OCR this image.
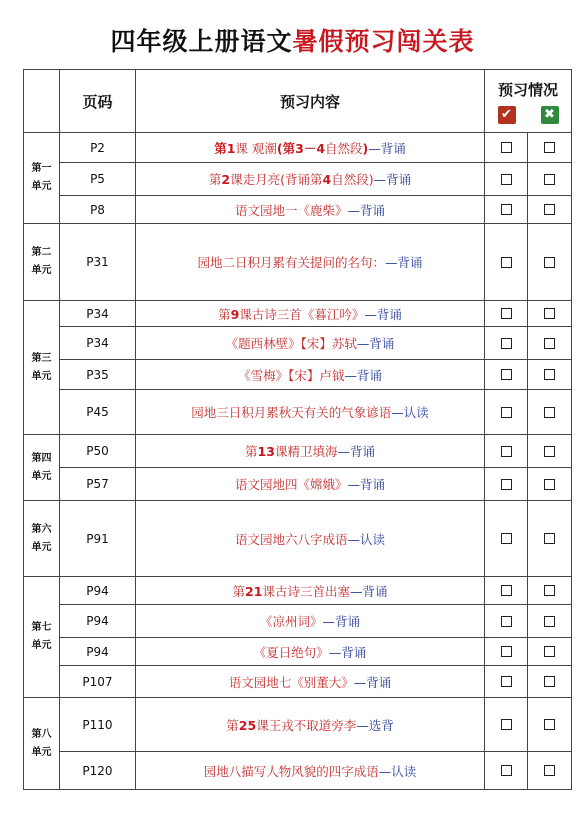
四年级上册语文暑假预习闯关表
	页码	预习内容	预习情况
✔ ✖	

第一
单元	P2	第1课 观潮(第3－4自然段)—背诵		
	P5	第2课走月亮(背诵第4自然段)—背诵		
	P8	语文园地一《鹿柴》—背诵		

第二
单元	P31	园地二日积月累有关提问的名句：—背诵		

第三
单元	P34	第9课古诗三首《暮江吟》—背诵		
	P34	《题西林壁》【宋】苏轼—背诵		
	P35	《雪梅》【宋】卢钺—背诵		
	P45	园地三日积月累秋天有关的气象谚语—认读		

第四
单元	P50	第13课精卫填海—背诵		
	P57	语文园地四《嫦娥》—背诵		

第六
单元	P91	语文园地六八字成语—认读		

第七
单元	P94	第21课古诗三首出塞—背诵		
	P94	《凉州词》—背诵		
	P94	《夏日绝句》—背诵		
	P107	语文园地七《别董大》—背诵		

第八
单元	P110	第25课王戎不取道旁李—选背		
	P120	园地八描写人物风貌的四字成语—认读		
